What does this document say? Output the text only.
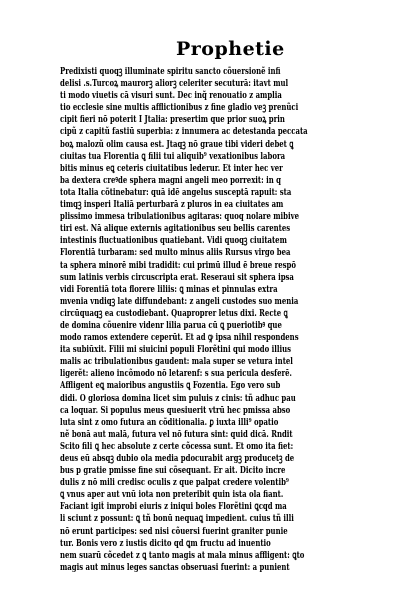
Prophetie
Predixisti quoqꝫ illuminate spiritu sancto cõuersionẽ infi
delisi .s.Turcoꝝ maurorꝫ aliorꝫ celeriter secuturā: itavt mul
ti modo viuetis cā visuri sunt. Dec inq̃ renouatio z amplia
tio ecclesie sine multis afflictionibus z fine gladio veꝫ prenũci
cipit fieri nō poterit I Jtalia: presertim que prior suoꝝ prin
cipũ z capitũ fastiū superbia: z innumera ac detestanda peccata
boꝝ malozũ olim causa est. Jtaqꝫ nō graue tibi videri debet ꝗ
ciuitas tua Florentia ꝗ filii tui aliquib⁹ vexationibus labora
bitis minus eꝗ ceteris ciuitatibus lederur. Et inter hec ver
ba dextera creꝰde sphera magni angeli meo porrexit: in q
tota Italia cõtinebatur: quā idē angelus susceptā rapuit: sta
timqꝫ insperi Italiā perturbarā z pluros in ea ciuitates am
plissimo immesa tribulationibus agitaras: quoq nolare mibive
tiri est. Nā alique externis agitationibus seu bellis carentes
intestinis fluctuationibus quatiebant. Vidi quoqꝫ ciuitatem
Florentiā turbaram: sed multo minus aliis Rursus virgo bea
ta sphera minorē mibi tradidit: cui primū illud ē breue respō
sum latinis verbis circuscripta erat. Reseraui sit sphera ipsa
vidi Forentiā tota florere liliis: ꝗ minas et pinnulas extra
mvenia vndiqꝫ late diffundebant: z angeli custodes suo menia
circūquaqꝫ ea custodiebant. Quaproprer letus dixi. Recte ꝗ
de domina cõuenire videnr lilia parua cū ꝗ pueriotibꝰ que
modo ramos extendere ceperūt. Et ad ꝙ ipsa nihil respondens
ita subiūxit. Filii mi siuicini populi Florẽtini qui modo illius
malis ac tribulationibus gaudent: mala super se vetura intel
ligerẽt: alieno incõmodo nō letarenf: s sua pericula desferē.
Affligent eꝗ maioribus angustiis ꝗ Fozentia. Ego vero sub
didi. O gloriosa domina licet sim puluis z cinis: tñ adhuc pau
ca loquar. Si populus meus quesiuerit vtrū hec pmissa abso
luta sint z omo futura an cõditionalia. ꝑ iuxta illi⁹ opatio
nẽ bonā aut malā, futura vel nō futura sint: quid dicā. Rndit
Scito fili ꝗ hec absolute z certe cõcessa sunt. Et omo ita fiet:
deus eū absqꝫ dubio ola media pdocurabit argꝫ producetꝫ de
bus p gratie pmisse fine sui cõsequant. Er ait. Dicito incre
dulis z nō mili credisc oculis z que palpat credere volentib⁹
ꝗ vnus aper aut vnū iota non preteribit quin ista ola fiant.
Faciant igit̃ improbi eiuris z iniqui boles Florẽtini ꝗcqd ma
li sciunt z possunt: ꝗ tñ bonū nequaꝗ impedient. cuius tñ illi
nō erunt participes: sed nisi cõuersi fuerint graniter punie
tur. Bonis vero z iustis dicito qd ꝗm fructu ad inuentio
nem suarū cõcedet z ꝗ tanto magis at mala minus affligent: ꝗto
magis aut minus leges sanctas obseruasi fuerint: a punient
